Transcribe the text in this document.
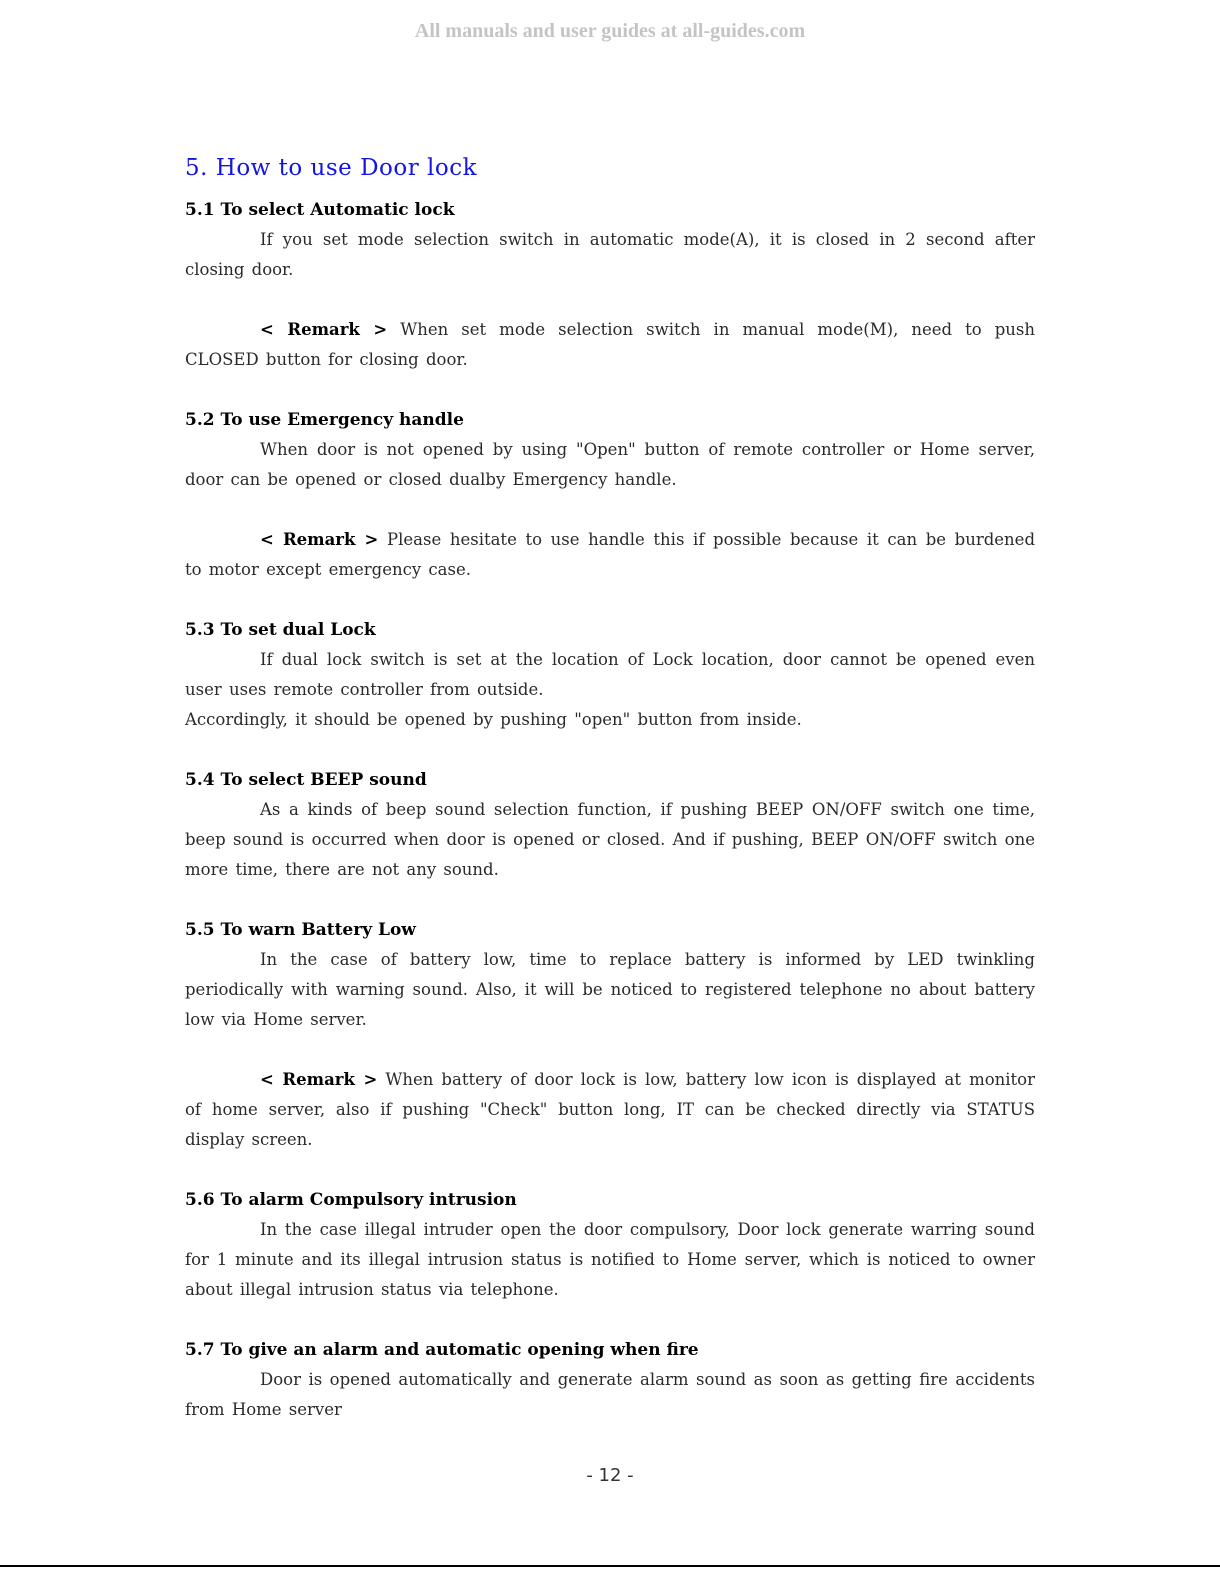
All manuals and user guides at all-guides.com
5. How to use Door lock
5.1 To select Automatic lock

If you set mode selection switch in automatic mode(A), it is closed in 2 second after closing door.

< Remark > When set mode selection switch in manual mode(M), need to push CLOSED button for closing door.

5.2 To use Emergency handle

When door is not opened by using "Open" button of remote controller or Home server, door can be opened or closed dualby Emergency handle.

< Remark > Please hesitate to use handle this if possible because it can be burdened to motor except emergency case.

5.3 To set dual Lock

If dual lock switch is set at the location of Lock location, door cannot be opened even user uses remote controller from outside.

Accordingly, it should be opened by pushing "open" button from inside.

5.4 To select BEEP sound

As a kinds of beep sound selection function, if pushing BEEP ON/OFF switch one time, beep sound is occurred when door is opened or closed. And if pushing, BEEP ON/OFF switch one more time, there are not any sound.

5.5 To warn Battery Low

In the case of battery low, time to replace battery is informed by LED twinkling periodically with warning sound. Also, it will be noticed to registered telephone no about battery low via Home server.

< Remark > When battery of door lock is low, battery low icon is displayed at monitor of home server, also if pushing "Check" button long, IT can be checked directly via STATUS display screen.

5.6 To alarm Compulsory intrusion

In the case illegal intruder open the door compulsory, Door lock generate warring sound for 1 minute and its illegal intrusion status is notified to Home server, which is noticed to owner about illegal intrusion status via telephone.

5.7 To give an alarm and automatic opening when fire

Door is opened automatically and generate alarm sound as soon as getting fire accidents from Home server

- 12 -
